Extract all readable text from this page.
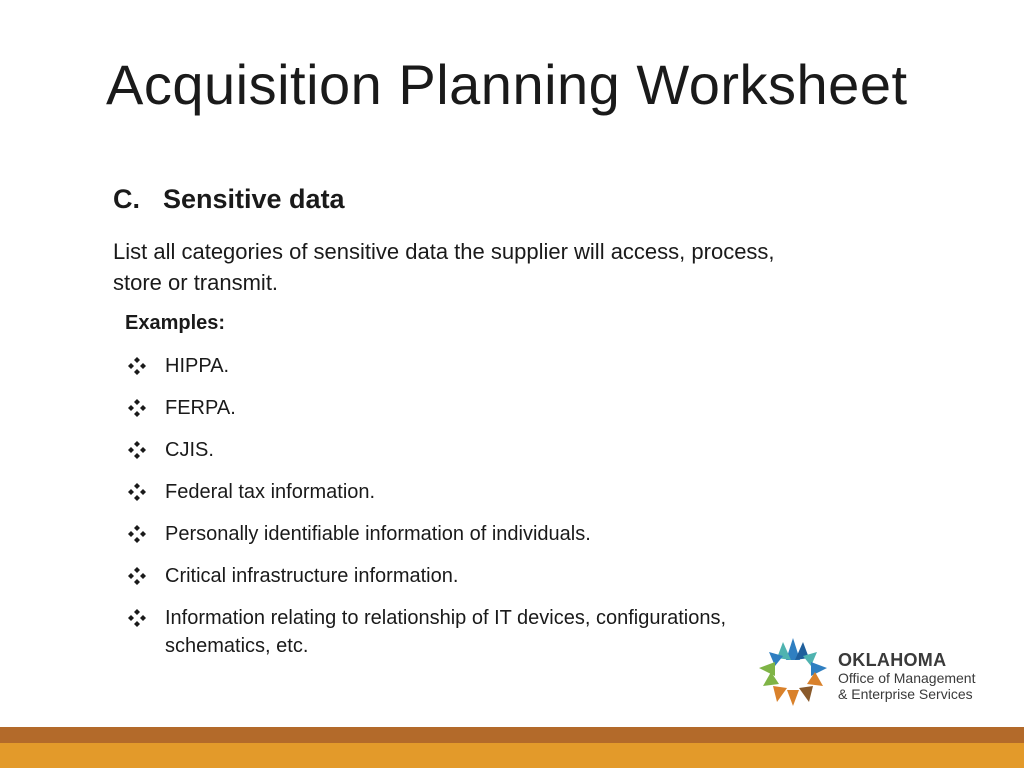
Acquisition Planning Worksheet
C. Sensitive data
List all categories of sensitive data the supplier will access, process, store or transmit.
Examples:
HIPPA.
FERPA.
CJIS.
Federal tax information.
Personally identifiable information of individuals.
Critical infrastructure information.
Information relating to relationship of IT devices, configurations, schematics, etc.
OKLAHOMA
Office of Management
& Enterprise Services
